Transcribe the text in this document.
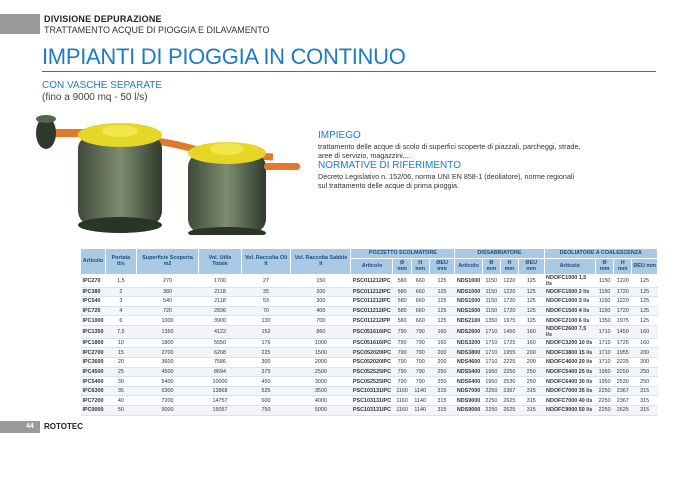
DIVISIONE DEPURAZIONE
TRATTAMENTO ACQUE DI PIOGGIA E DILAVAMENTO
IMPIANTI DI PIOGGIA IN CONTINUO
CON VASCHE SEPARATE
(fino a 9000 mq - 50 l/s)
IMPIEGO
trattamento delle acque di scolo di superfici scoperte di piazzali, parcheggi, strade,
aree di servizio, magazzini,...
NORMATIVE DI RIFERIMENTO
Decreto Legislativo n. 152/06, norma UNI EN 858-1 (deoliatore), norme regionali
sul trattamento delle acque di prima pioggia.
Articolo	Portata lt/s	Superficie Scoperta m2	Vol. Utile Totale	Vol. Raccolta Oli lt	Vol. Raccolta Sabbie lt	POZZETTO SCOLMATORE				DISSABBIATORE				DEOLIATORE A COALESCENZA			
						Articolo	Ø mm	H mm	ØEU mm	Articolo	Ø mm	H mm	ØEU mm	Articolo	Ø mm	H mm	ØEU mm
IPC270	1,5	270	1700	27	150	PSC011212IPC	580	660	125	NDS1000	1150	1220	125	NDOFC1000 1,5 l/s	1150	1220	125
IPC380	2	380	2118	35	200	PSC011212IPC	580	660	125	NDS1000	1150	1220	125	NDOFC1500 2 l/s	1150	1720	125
IPC540	3	540	2118	53	300	PSC011212IPC	580	660	125	NDS1500	1150	1720	125	NDOFC1000 3 l/s	1150	1220	125
IPC720	4	720	2836	70	400	PSC011212IPC	580	660	125	NDS1500	1150	1720	125	NDOFC1500 4 l/s	1150	1720	125
IPC1000	6	1000	3900	130	700	PSC011212IPP	580	660	125	NDS2100	1350	1975	125	NDOFC2100 6 l/s	1350	1975	125
IPC1350	7,5	1350	4122	152	860	PSC051616IPC	790	790	160	NDS2600	1710	1450	160	NDOFC2600 7,5 l/s	1710	1450	160
IPC1800	10	1800	5550	176	1000	PSC051616IPC	790	790	160	NDS3200	1710	1725	160	NDOFC3200 10 l/s	1710	1725	160
IPC2700	15	2700	6208	225	1500	PSC052020IPC	790	790	200	NDS3800	1710	1955	200	NDOFC3800 15 l/s	1710	1955	200
IPC3600	20	3600	7586	300	2000	PSC052020IPC	790	790	200	NDS4600	1710	2225	200	NDOFC4600 20 l/s	1710	2225	200
IPC4500	25	4500	8694	375	2500	PSC052525IPC	790	790	250	NDS5400	1950	2250	250	NDOFC5400 25 l/s	1950	2250	250
IPC5400	30	5400	10000	450	3000	PSC052525IPC	790	790	250	NDS6400	1950	2530	250	NDOFC6400 30 l/s	1950	2530	250
IPC6300	35	6300	13868	525	3500	PSC103131IPC	1160	1140	315	NDS7000	2250	2367	315	NDOFC7000 35 l/s	2250	2367	315
IPC7200	40	7200	14757	600	4000	PSC103131IPC	1160	1140	315	NDS9000	2250	2625	315	NDOFC7000 40 l/s	2250	2367	315
IPC9000	50	9000	15057	750	5000	PSC103131IPC	1160	1140	315	NDS9000	2250	2625	315	NDOFC9000 50 l/s	2250	2625	315
44 ROTOTEC
